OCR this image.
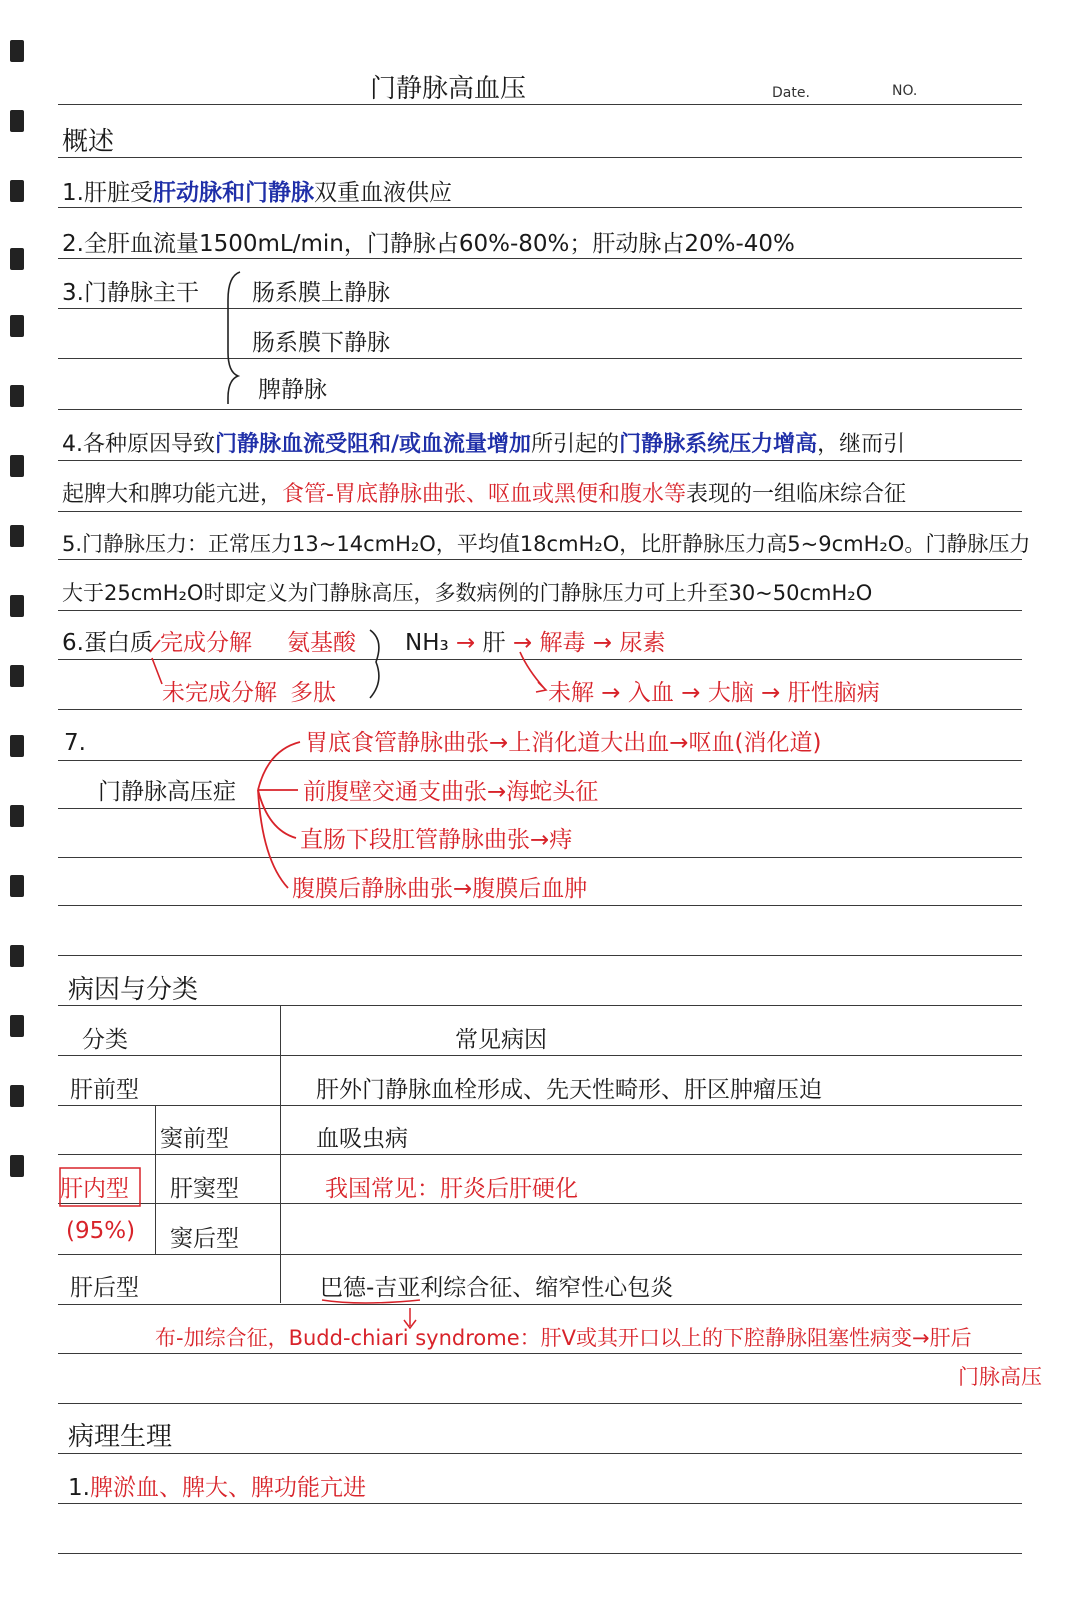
门静脉高血压	Date.	NO.
概述
1.肝脏受肝动脉和门静脉双重血液供应
2.全肝血流量1500mL/min，门静脉占60%-80%；肝动脉占20%-40%
3.门静脉主干 肠系膜上静脉
肠系膜下静脉
脾静脉
4.各种原因导致门静脉血流受阻和/或血流量增加所引起的门静脉系统压力增高，继而引
起脾大和脾功能亢进，食管-胃底静脉曲张、呕血或黑便和腹水等表现的一组临床综合征
5.门静脉压力：正常压力13~14cmH₂O，平均值18cmH₂O，比肝静脉压力高5~9cmH₂O。门静脉压力
大于25cmH₂O时即定义为门静脉高压，多数病例的门静脉压力可上升至30~50cmH₂O
6.蛋白质 完成分解 氨基酸
未完成分解 多肽
NH₃ → 肝 → 解毒 → 尿素
未解 → 入血 → 大脑 → 肝性脑病
7.
门静脉高压症
胃底食管静脉曲张→上消化道大出血→呕血(消化道)
前腹壁交通支曲张→海蛇头征
直肠下段肛管静脉曲张→痔
腹膜后静脉曲张→腹膜后血肿
病因与分类
分类	常见病因
肝前型	肝外门静脉血栓形成、先天性畸形、肝区肿瘤压迫
窦前型	血吸虫病
肝内型
(95%)
肝窦型	我国常见：肝炎后肝硬化
窦后型
肝后型	巴德-吉亚利综合征、缩窄性心包炎
布-加综合征，Budd-chiari syndrome：肝V或其开口以上的下腔静脉阻塞性病变→肝后
门脉高压
病理生理
1.脾淤血、脾大、脾功能亢进
